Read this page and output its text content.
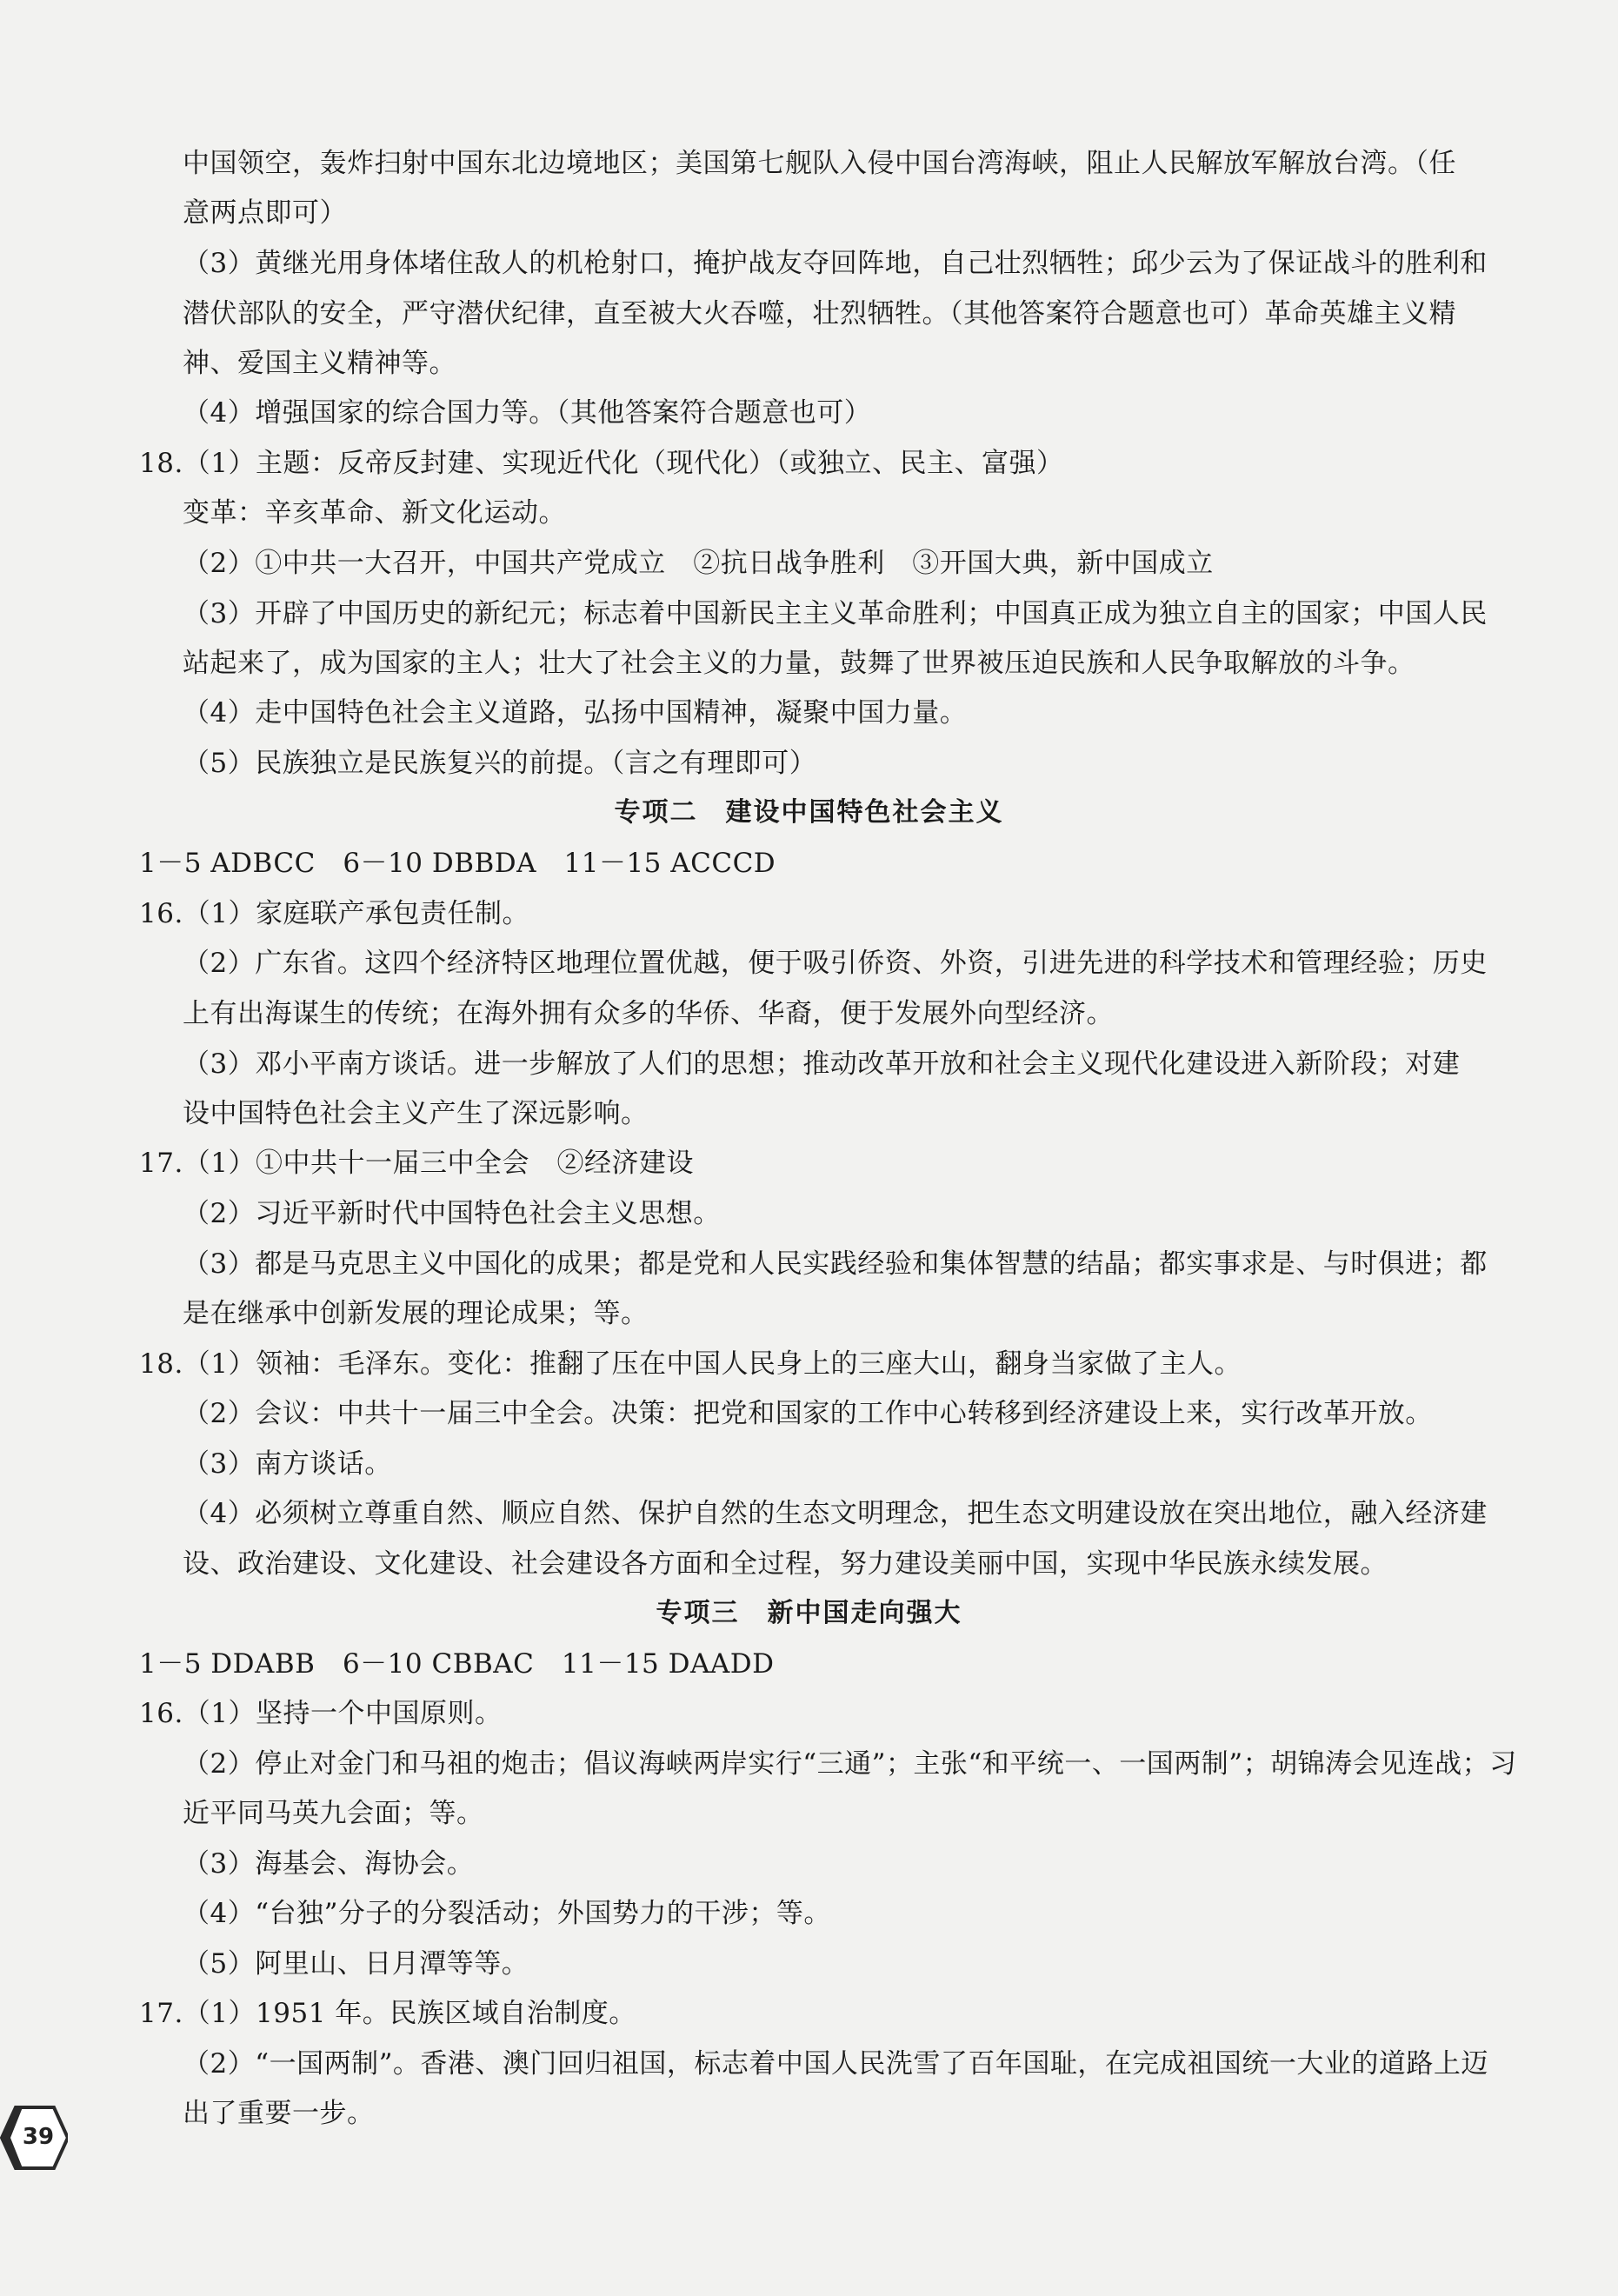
中国领空，轰炸扫射中国东北边境地区；美国第七舰队入侵中国台湾海峡，阻止人民解放军解放台湾。（任
意两点即可）
（3）黄继光用身体堵住敌人的机枪射口，掩护战友夺回阵地，自己壮烈牺牲；邱少云为了保证战斗的胜利和
潜伏部队的安全，严守潜伏纪律，直至被大火吞噬，壮烈牺牲。（其他答案符合题意也可）革命英雄主义精
神、爱国主义精神等。
（4）增强国家的综合国力等。（其他答案符合题意也可）
18.（1）主题：反帝反封建、实现近代化（现代化）（或独立、民主、富强）
变革：辛亥革命、新文化运动。
（2）①中共一大召开，中国共产党成立　②抗日战争胜利　③开国大典，新中国成立
（3）开辟了中国历史的新纪元；标志着中国新民主主义革命胜利；中国真正成为独立自主的国家；中国人民
站起来了，成为国家的主人；壮大了社会主义的力量，鼓舞了世界被压迫民族和人民争取解放的斗争。
（4）走中国特色社会主义道路，弘扬中国精神，凝聚中国力量。
（5）民族独立是民族复兴的前提。（言之有理即可）
专项二　建设中国特色社会主义
1－5 ADBCC　6－10 DBBDA　11－15 ACCCD
16.（1）家庭联产承包责任制。
（2）广东省。这四个经济特区地理位置优越，便于吸引侨资、外资，引进先进的科学技术和管理经验；历史
上有出海谋生的传统；在海外拥有众多的华侨、华裔，便于发展外向型经济。
（3）邓小平南方谈话。进一步解放了人们的思想；推动改革开放和社会主义现代化建设进入新阶段；对建
设中国特色社会主义产生了深远影响。
17.（1）①中共十一届三中全会　②经济建设
（2）习近平新时代中国特色社会主义思想。
（3）都是马克思主义中国化的成果；都是党和人民实践经验和集体智慧的结晶；都实事求是、与时俱进；都
是在继承中创新发展的理论成果；等。
18.（1）领袖：毛泽东。变化：推翻了压在中国人民身上的三座大山，翻身当家做了主人。
（2）会议：中共十一届三中全会。决策：把党和国家的工作中心转移到经济建设上来，实行改革开放。
（3）南方谈话。
（4）必须树立尊重自然、顺应自然、保护自然的生态文明理念，把生态文明建设放在突出地位，融入经济建
设、政治建设、文化建设、社会建设各方面和全过程，努力建设美丽中国，实现中华民族永续发展。
专项三　新中国走向强大
1－5 DDABB　6－10 CBBAC　11－15 DAADD
16.（1）坚持一个中国原则。
（2）停止对金门和马祖的炮击；倡议海峡两岸实行“三通”；主张“和平统一、一国两制”；胡锦涛会见连战；习
近平同马英九会面；等。
（3）海基会、海协会。
（4）“台独”分子的分裂活动；外国势力的干涉；等。
（5）阿里山、日月潭等等。
17.（1）1951 年。民族区域自治制度。
（2）“一国两制”。香港、澳门回归祖国，标志着中国人民洗雪了百年国耻，在完成祖国统一大业的道路上迈
出了重要一步。
39
